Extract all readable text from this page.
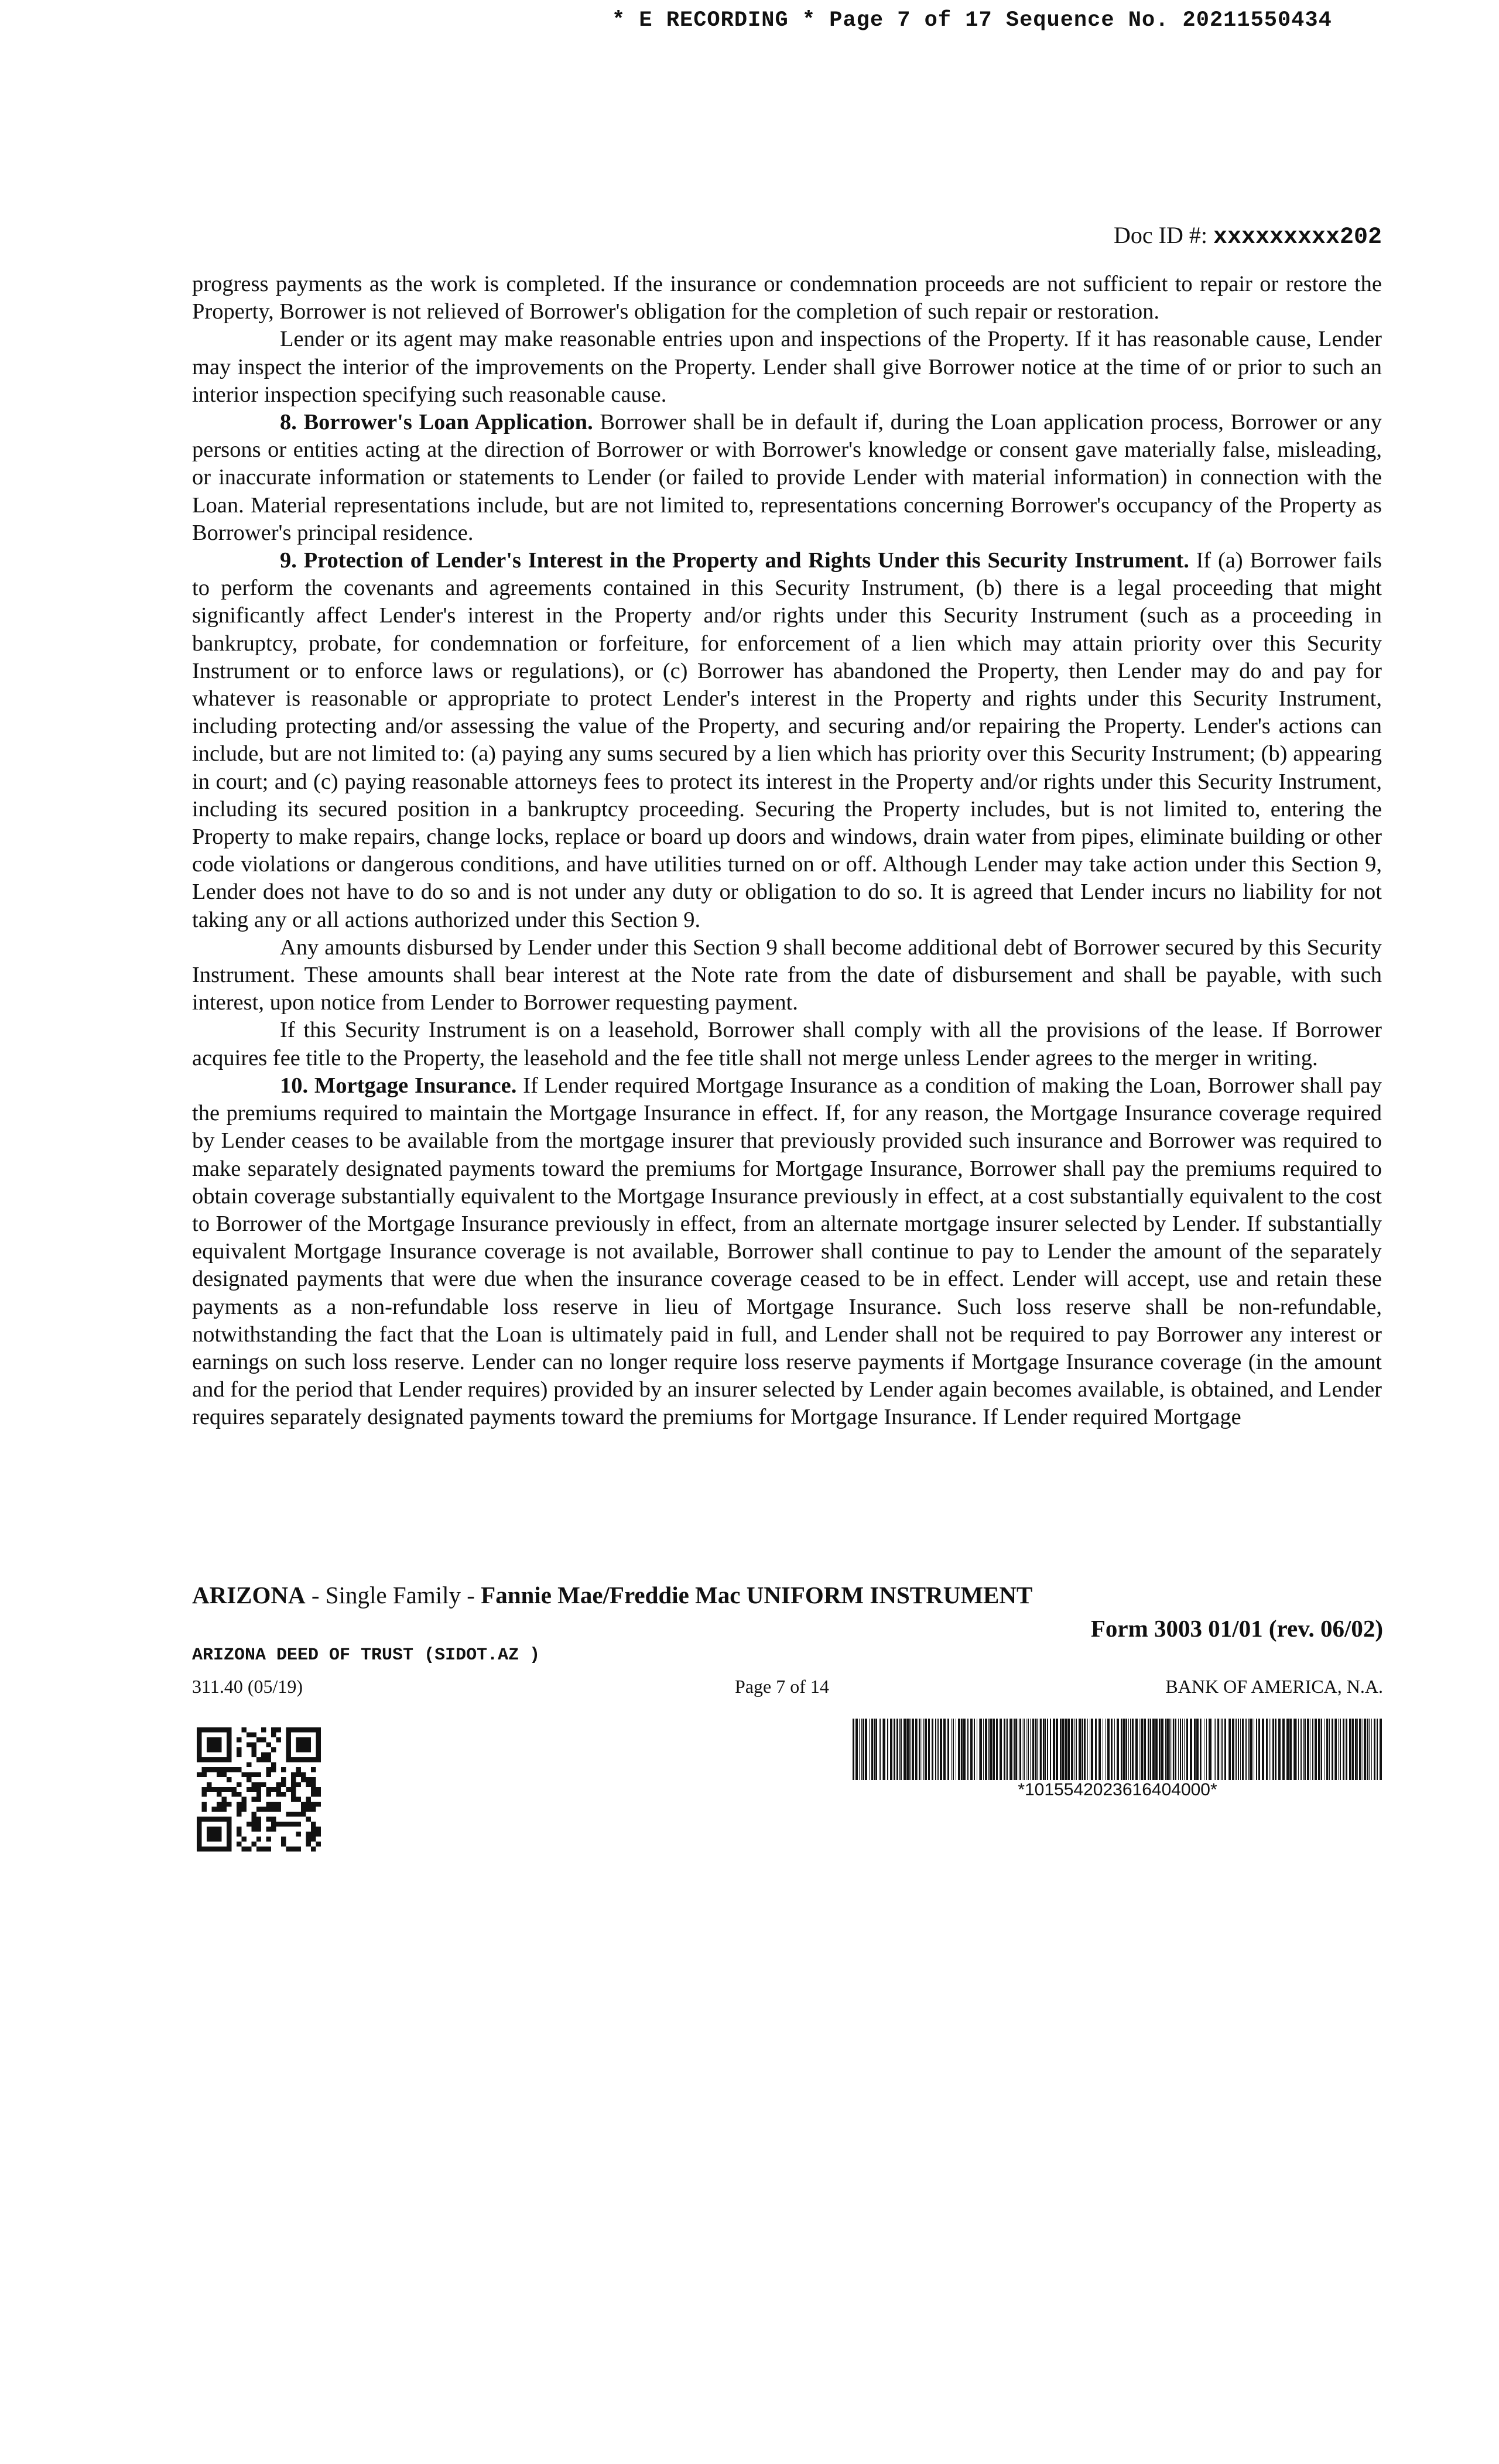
* E RECORDING * Page 7 of 17 Sequence No. 20211550434
Doc ID #: xxxxxxxxx202

progress payments as the work is completed. If the insurance or condemnation proceeds are not sufficient to repair or restore the Property, Borrower is not relieved of Borrower's obligation for the completion of such repair or restoration.

Lender or its agent may make reasonable entries upon and inspections of the Property. If it has reasonable cause, Lender may inspect the interior of the improvements on the Property. Lender shall give Borrower notice at the time of or prior to such an interior inspection specifying such reasonable cause.

8. Borrower's Loan Application. Borrower shall be in default if, during the Loan application process, Borrower or any persons or entities acting at the direction of Borrower or with Borrower's knowledge or consent gave materially false, misleading, or inaccurate information or statements to Lender (or failed to provide Lender with material information) in connection with the Loan. Material representations include, but are not limited to, representations concerning Borrower's occupancy of the Property as Borrower's principal residence.

9. Protection of Lender's Interest in the Property and Rights Under this Security Instrument. If (a) Borrower fails to perform the covenants and agreements contained in this Security Instrument, (b) there is a legal proceeding that might significantly affect Lender's interest in the Property and/or rights under this Security Instrument (such as a proceeding in bankruptcy, probate, for condemnation or forfeiture, for enforcement of a lien which may attain priority over this Security Instrument or to enforce laws or regulations), or (c) Borrower has abandoned the Property, then Lender may do and pay for whatever is reasonable or appropriate to protect Lender's interest in the Property and rights under this Security Instrument, including protecting and/or assessing the value of the Property, and securing and/or repairing the Property. Lender's actions can include, but are not limited to: (a) paying any sums secured by a lien which has priority over this Security Instrument; (b) appearing in court; and (c) paying reasonable attorneys fees to protect its interest in the Property and/or rights under this Security Instrument, including its secured position in a bankruptcy proceeding. Securing the Property includes, but is not limited to, entering the Property to make repairs, change locks, replace or board up doors and windows, drain water from pipes, eliminate building or other code violations or dangerous conditions, and have utilities turned on or off. Although Lender may take action under this Section 9, Lender does not have to do so and is not under any duty or obligation to do so. It is agreed that Lender incurs no liability for not taking any or all actions authorized under this Section 9.

Any amounts disbursed by Lender under this Section 9 shall become additional debt of Borrower secured by this Security Instrument. These amounts shall bear interest at the Note rate from the date of disbursement and shall be payable, with such interest, upon notice from Lender to Borrower requesting payment.

If this Security Instrument is on a leasehold, Borrower shall comply with all the provisions of the lease. If Borrower acquires fee title to the Property, the leasehold and the fee title shall not merge unless Lender agrees to the merger in writing.

10. Mortgage Insurance. If Lender required Mortgage Insurance as a condition of making the Loan, Borrower shall pay the premiums required to maintain the Mortgage Insurance in effect. If, for any reason, the Mortgage Insurance coverage required by Lender ceases to be available from the mortgage insurer that previously provided such insurance and Borrower was required to make separately designated payments toward the premiums for Mortgage Insurance, Borrower shall pay the premiums required to obtain coverage substantially equivalent to the Mortgage Insurance previously in effect, at a cost substantially equivalent to the cost to Borrower of the Mortgage Insurance previously in effect, from an alternate mortgage insurer selected by Lender. If substantially equivalent Mortgage Insurance coverage is not available, Borrower shall continue to pay to Lender the amount of the separately designated payments that were due when the insurance coverage ceased to be in effect. Lender will accept, use and retain these payments as a non-refundable loss reserve in lieu of Mortgage Insurance. Such loss reserve shall be non-refundable, notwithstanding the fact that the Loan is ultimately paid in full, and Lender shall not be required to pay Borrower any interest or earnings on such loss reserve. Lender can no longer require loss reserve payments if Mortgage Insurance coverage (in the amount and for the period that Lender requires) provided by an insurer selected by Lender again becomes available, is obtained, and Lender requires separately designated payments toward the premiums for Mortgage Insurance. If Lender required Mortgage

ARIZONA - Single Family - Fannie Mae/Freddie Mac UNIFORM INSTRUMENT
Form 3003 01/01 (rev. 06/02)
ARIZONA DEED OF TRUST (SIDOT.AZ )
311.40 (05/19)	Page 7 of 14	BANK OF AMERICA, N.A.
*1015542023616404000*
